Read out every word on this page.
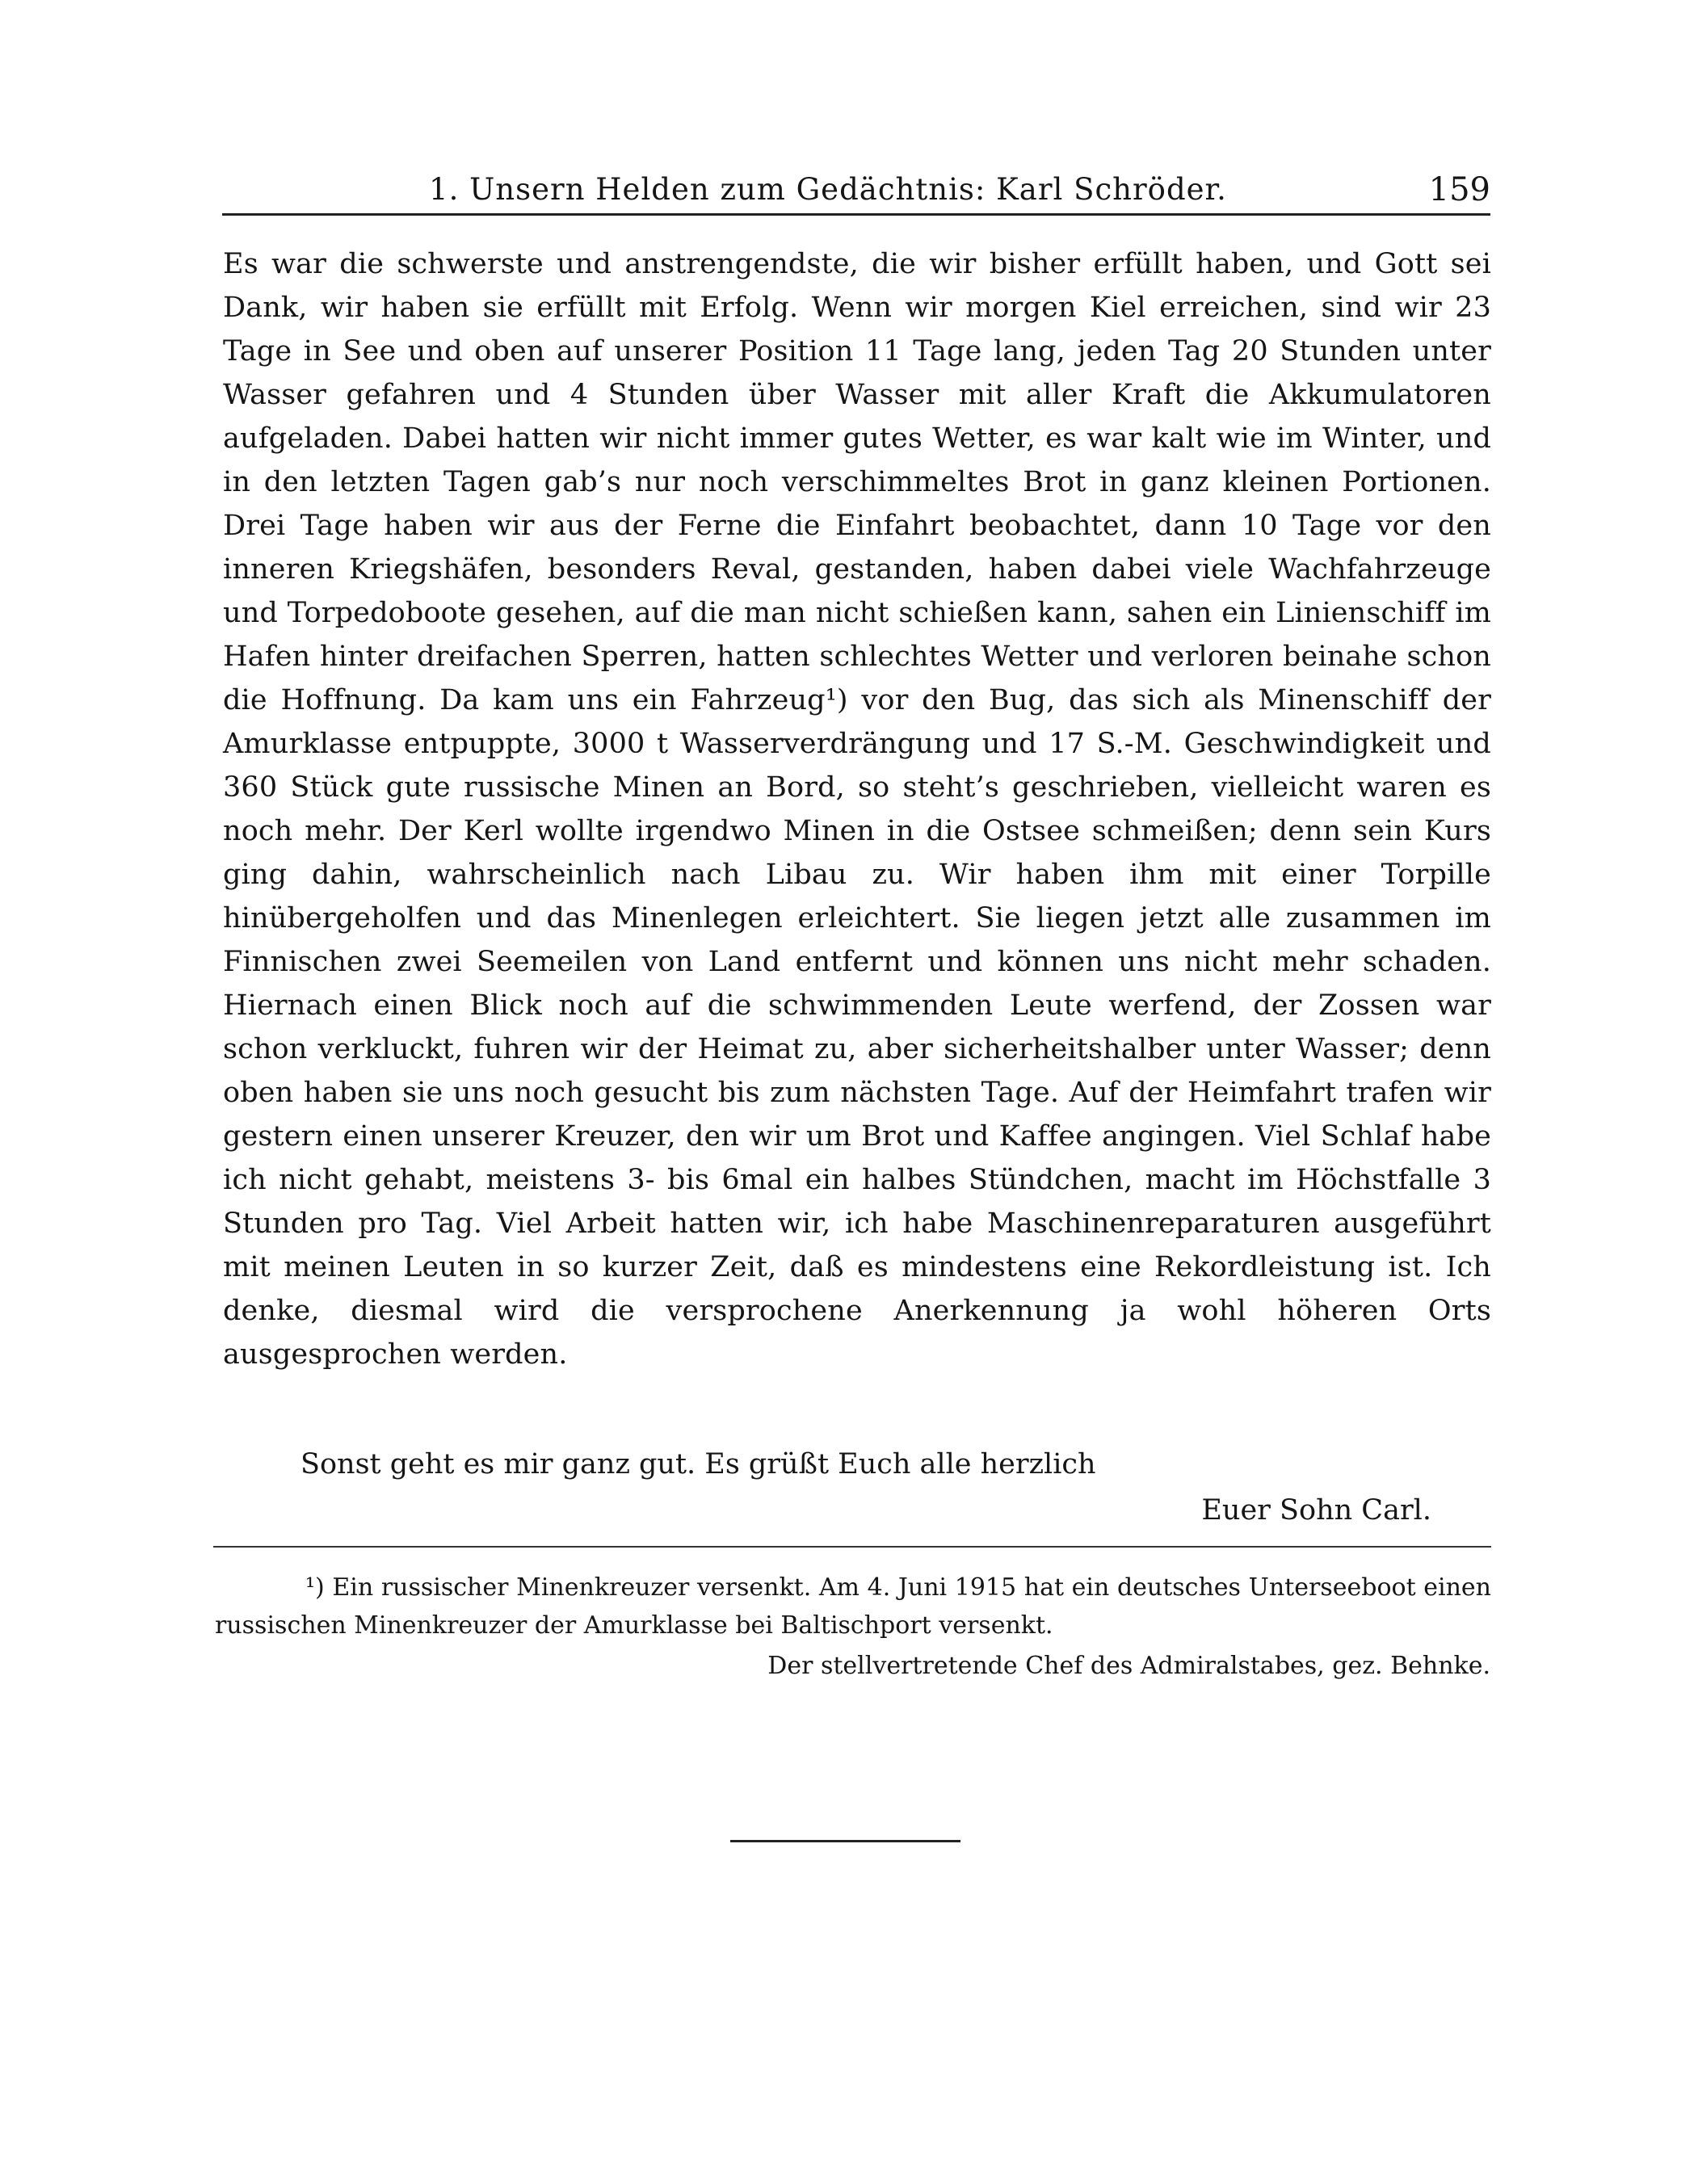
1. Unsern Helden zum Gedächtnis: Karl Schröder.	159

Es war die schwerste und anstrengendste, die wir bisher erfüllt haben, und Gott sei Dank, wir haben sie erfüllt mit Erfolg. Wenn wir morgen Kiel erreichen, sind wir 23 Tage in See und oben auf unserer Position 11 Tage lang, jeden Tag 20 Stunden unter Wasser gefahren und 4 Stunden über Wasser mit aller Kraft die Akkumulatoren aufgeladen. Dabei hatten wir nicht immer gutes Wetter, es war kalt wie im Winter, und in den letzten Tagen gab’s nur noch verschimmeltes Brot in ganz kleinen Portionen. Drei Tage haben wir aus der Ferne die Einfahrt beobachtet, dann 10 Tage vor den inneren Kriegshäfen, besonders Reval, gestanden, haben dabei viele Wachfahrzeuge und Torpedoboote gesehen, auf die man nicht schießen kann, sahen ein Linienschiff im Hafen hinter dreifachen Sperren, hatten schlechtes Wetter und verloren beinahe schon die Hoffnung. Da kam uns ein Fahrzeug¹) vor den Bug, das sich als Minenschiff der Amurklasse entpuppte, 3000 t Wasserverdrängung und 17 S.-M. Geschwindigkeit und 360 Stück gute russische Minen an Bord, so steht’s geschrieben, vielleicht waren es noch mehr. Der Kerl wollte irgendwo Minen in die Ostsee schmeißen; denn sein Kurs ging dahin, wahrscheinlich nach Libau zu. Wir haben ihm mit einer Torpille hinübergeholfen und das Minenlegen erleichtert. Sie liegen jetzt alle zusammen im Finnischen zwei Seemeilen von Land entfernt und können uns nicht mehr schaden. Hiernach einen Blick noch auf die schwimmenden Leute werfend, der Zossen war schon verkluckt, fuhren wir der Heimat zu, aber sicherheitshalber unter Wasser; denn oben haben sie uns noch gesucht bis zum nächsten Tage. Auf der Heimfahrt trafen wir gestern einen unserer Kreuzer, den wir um Brot und Kaffee angingen. Viel Schlaf habe ich nicht gehabt, meistens 3- bis 6mal ein halbes Stündchen, macht im Höchstfalle 3 Stunden pro Tag. Viel Arbeit hatten wir, ich habe Maschinenreparaturen ausgeführt mit meinen Leuten in so kurzer Zeit, daß es mindestens eine Rekordleistung ist. Ich denke, diesmal wird die versprochene Anerkennung ja wohl höheren Orts ausgesprochen werden.

Sonst geht es mir ganz gut. Es grüßt Euch alle herzlich
Euer Sohn Carl.

¹) Ein russischer Minenkreuzer versenkt. Am 4. Juni 1915 hat ein deutsches Unterseeboot einen russischen Minenkreuzer der Amurklasse bei Baltischport versenkt.

Der stellvertretende Chef des Admiralstabes, gez. Behnke.
